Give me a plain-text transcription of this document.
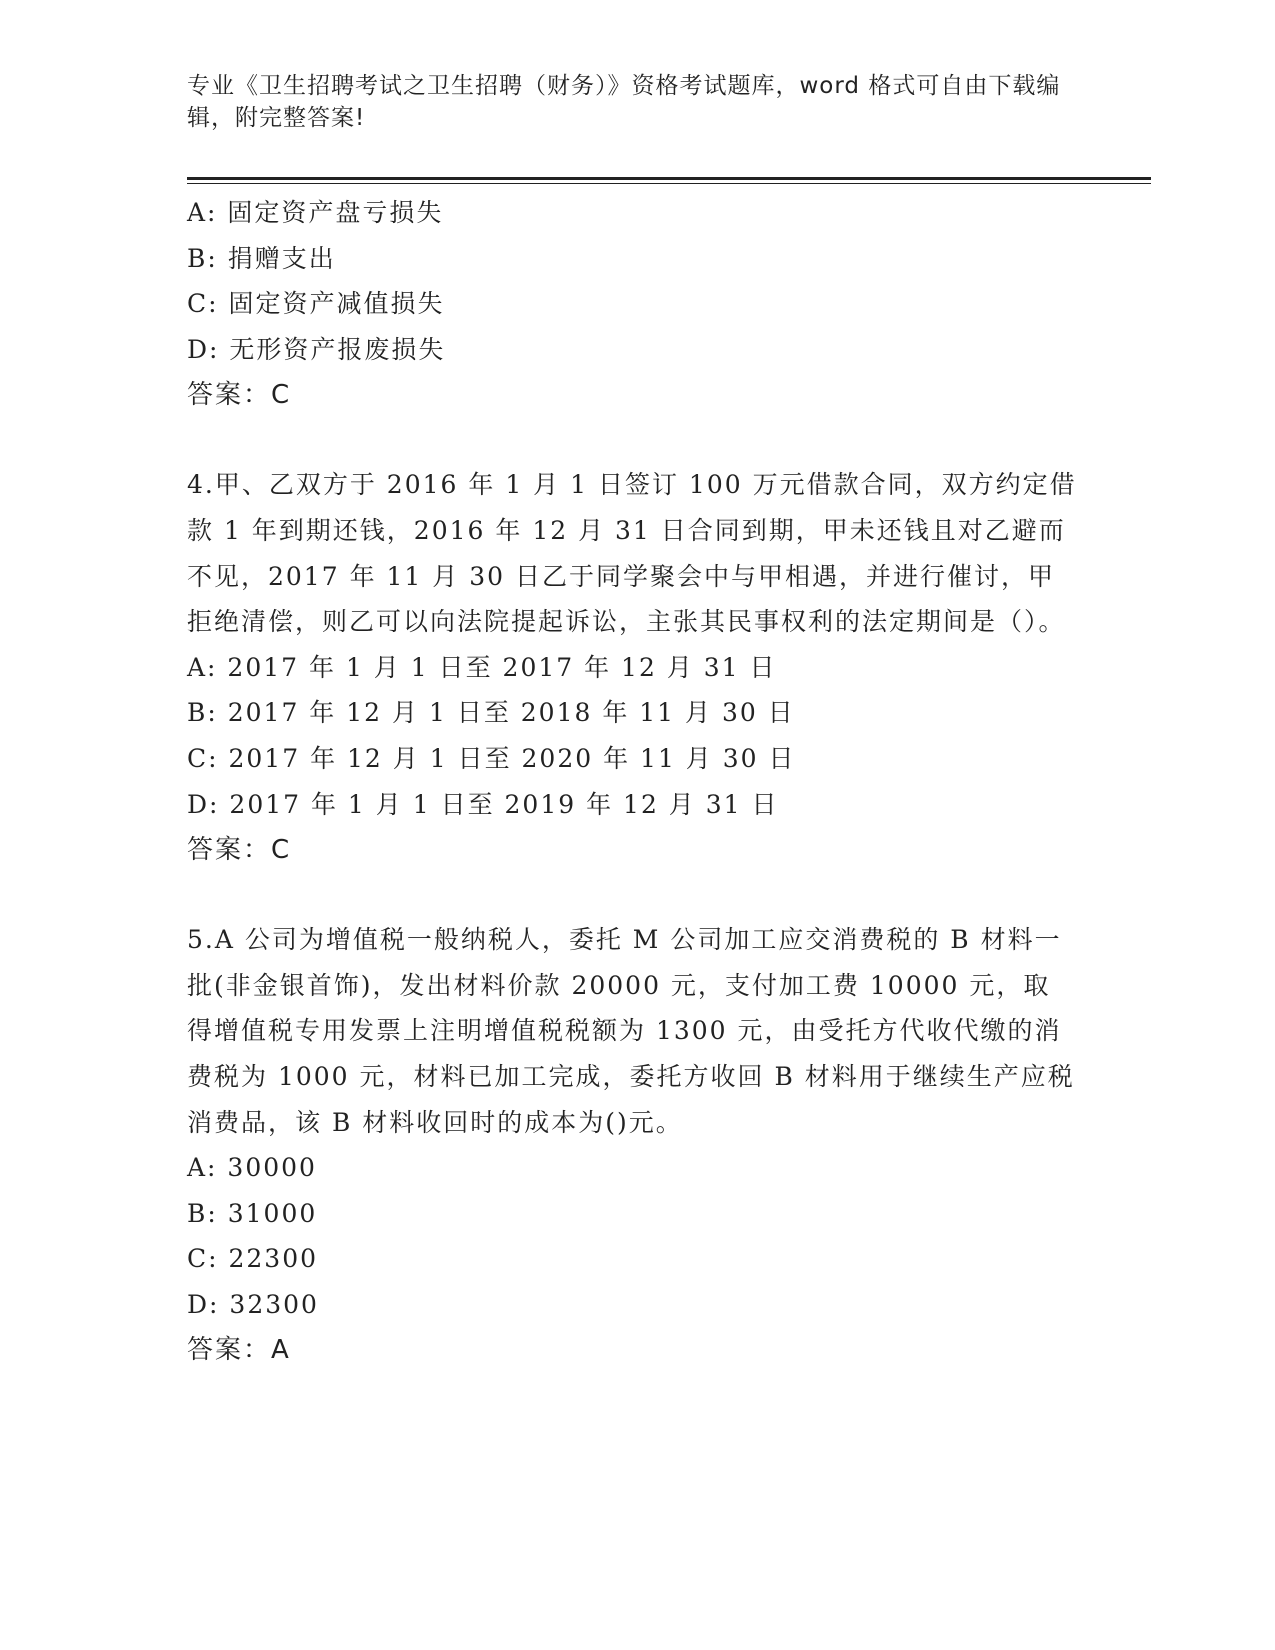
专业《卫生招聘考试之卫生招聘（财务）》资格考试题库，word 格式可自由下载编辑，附完整答案!
A: 固定资产盘亏损失
B: 捐赠支出
C: 固定资产减值损失
D: 无形资产报废损失
答案：C
4.甲、乙双方于 2016 年 1 月 1 日签订 100 万元借款合同，双方约定借款 1 年到期还钱，2016 年 12 月 31 日合同到期，甲未还钱且对乙避而不见，2017 年 11 月 30 日乙于同学聚会中与甲相遇，并进行催讨，甲拒绝清偿，则乙可以向法院提起诉讼，主张其民事权利的法定期间是（）。
A: 2017 年 1 月 1 日至 2017 年 12 月 31 日
B: 2017 年 12 月 1 日至 2018 年 11 月 30 日
C: 2017 年 12 月 1 日至 2020 年 11 月 30 日
D: 2017 年 1 月 1 日至 2019 年 12 月 31 日
答案：C
5.A 公司为增值税一般纳税人，委托 M 公司加工应交消费税的 B 材料一批(非金银首饰)，发出材料价款 20000 元，支付加工费 10000 元，取得增值税专用发票上注明增值税税额为 1300 元，由受托方代收代缴的消费税为 1000 元，材料已加工完成，委托方收回 B 材料用于继续生产应税消费品，该 B 材料收回时的成本为()元。
A: 30000
B: 31000
C: 22300
D: 32300
答案：A
